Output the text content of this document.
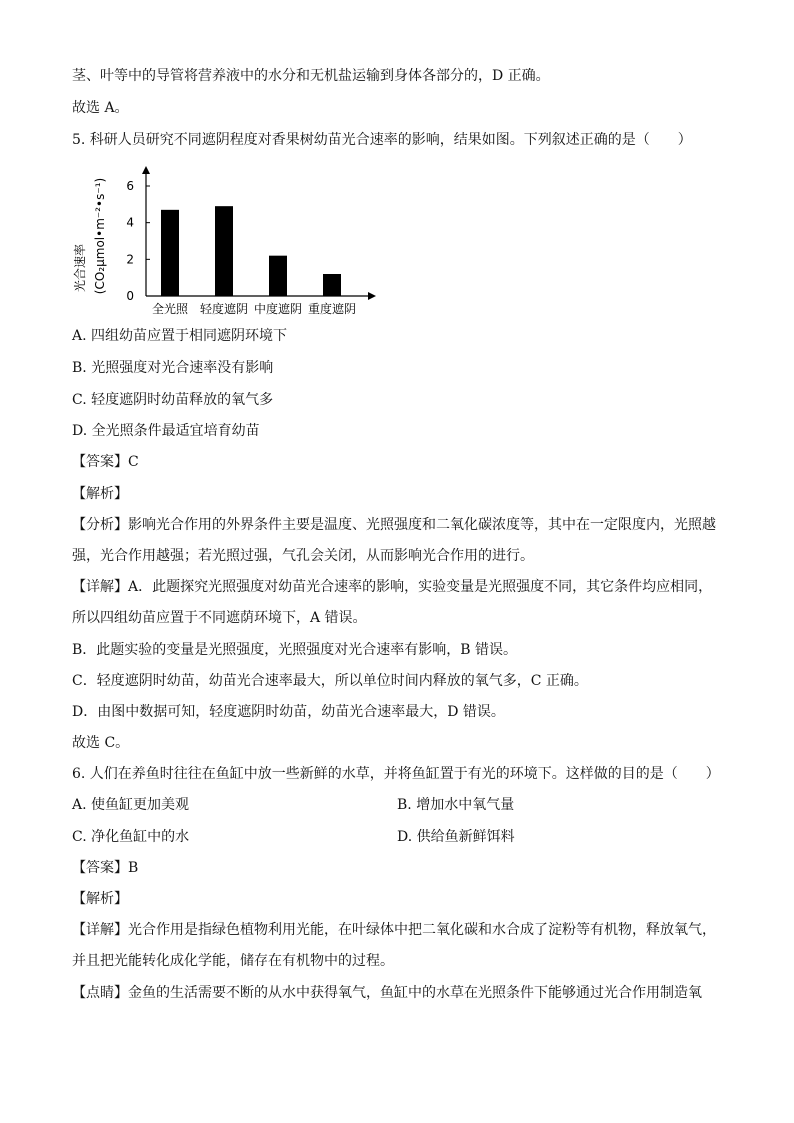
茎、叶等中的导管将营养液中的水分和无机盐运输到身体各部分的，D 正确。
故选 A。
5. 科研人员研究不同遮阴程度对香果树幼苗光合速率的影响，结果如图。下列叙述正确的是（　　）
光合速率 (CO₂μmol•m⁻²•s⁻¹)
0
2
4
6
全光照 轻度遮阴 中度遮阴 重度遮阴
A. 四组幼苗应置于相同遮阴环境下
B. 光照强度对光合速率没有影响
C. 轻度遮阴时幼苗释放的氧气多
D. 全光照条件最适宜培育幼苗
【答案】C
【解析】
【分析】影响光合作用的外界条件主要是温度、光照强度和二氧化碳浓度等，其中在一定限度内，光照越
强，光合作用越强；若光照过强，气孔会关闭，从而影响光合作用的进行。
【详解】A．此题探究光照强度对幼苗光合速率的影响，实验变量是光照强度不同，其它条件均应相同，
所以四组幼苗应置于不同遮荫环境下，A 错误。
B．此题实验的变量是光照强度，光照强度对光合速率有影响，B 错误。
C．轻度遮阴时幼苗，幼苗光合速率最大，所以单位时间内释放的氧气多，C 正确。
D．由图中数据可知，轻度遮阴时幼苗，幼苗光合速率最大，D 错误。
故选 C。
6. 人们在养鱼时往往在鱼缸中放一些新鲜的水草，并将鱼缸置于有光的环境下。这样做的目的是（　　）
A. 使鱼缸更加美观	B. 增加水中氧气量
C. 净化鱼缸中的水	D. 供给鱼新鲜饵料
【答案】B
【解析】
【详解】光合作用是指绿色植物利用光能，在叶绿体中把二氧化碳和水合成了淀粉等有机物，释放氧气，
并且把光能转化成化学能，储存在有机物中的过程。
【点睛】金鱼的生活需要不断的从水中获得氧气，鱼缸中的水草在光照条件下能够通过光合作用制造氧
